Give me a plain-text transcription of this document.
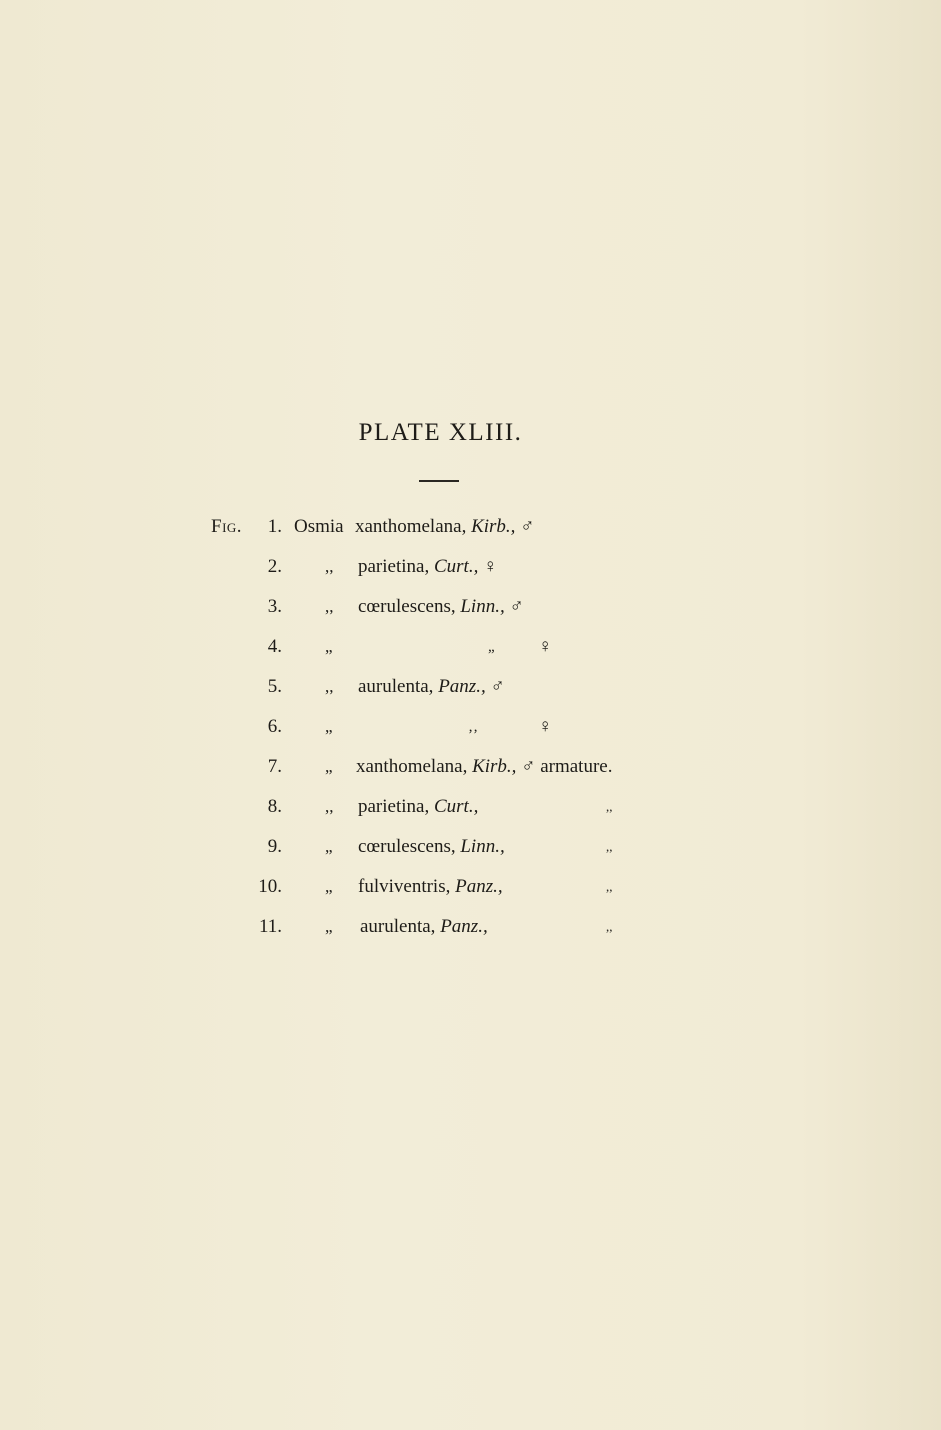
PLATE XLIII.
Fig. 1. Osmia xanthomelana, Kirb., ♂
2.	,, parietina, Curt., ♀
3.	,, cœrulescens, Linn., ♂
4.	„	„ ♀
5.	,, aurulenta, Panz., ♂
6.	„	‚‚	♀
7.	„ xanthomelana, Kirb., ♂ armature.
8.	,, parietina, Curt.,	,,
9.	„ cœrulescens, Linn.,	,,
10.	„ fulviventris, Panz.,	,,
11.	„ aurulenta, Panz.,	,,
